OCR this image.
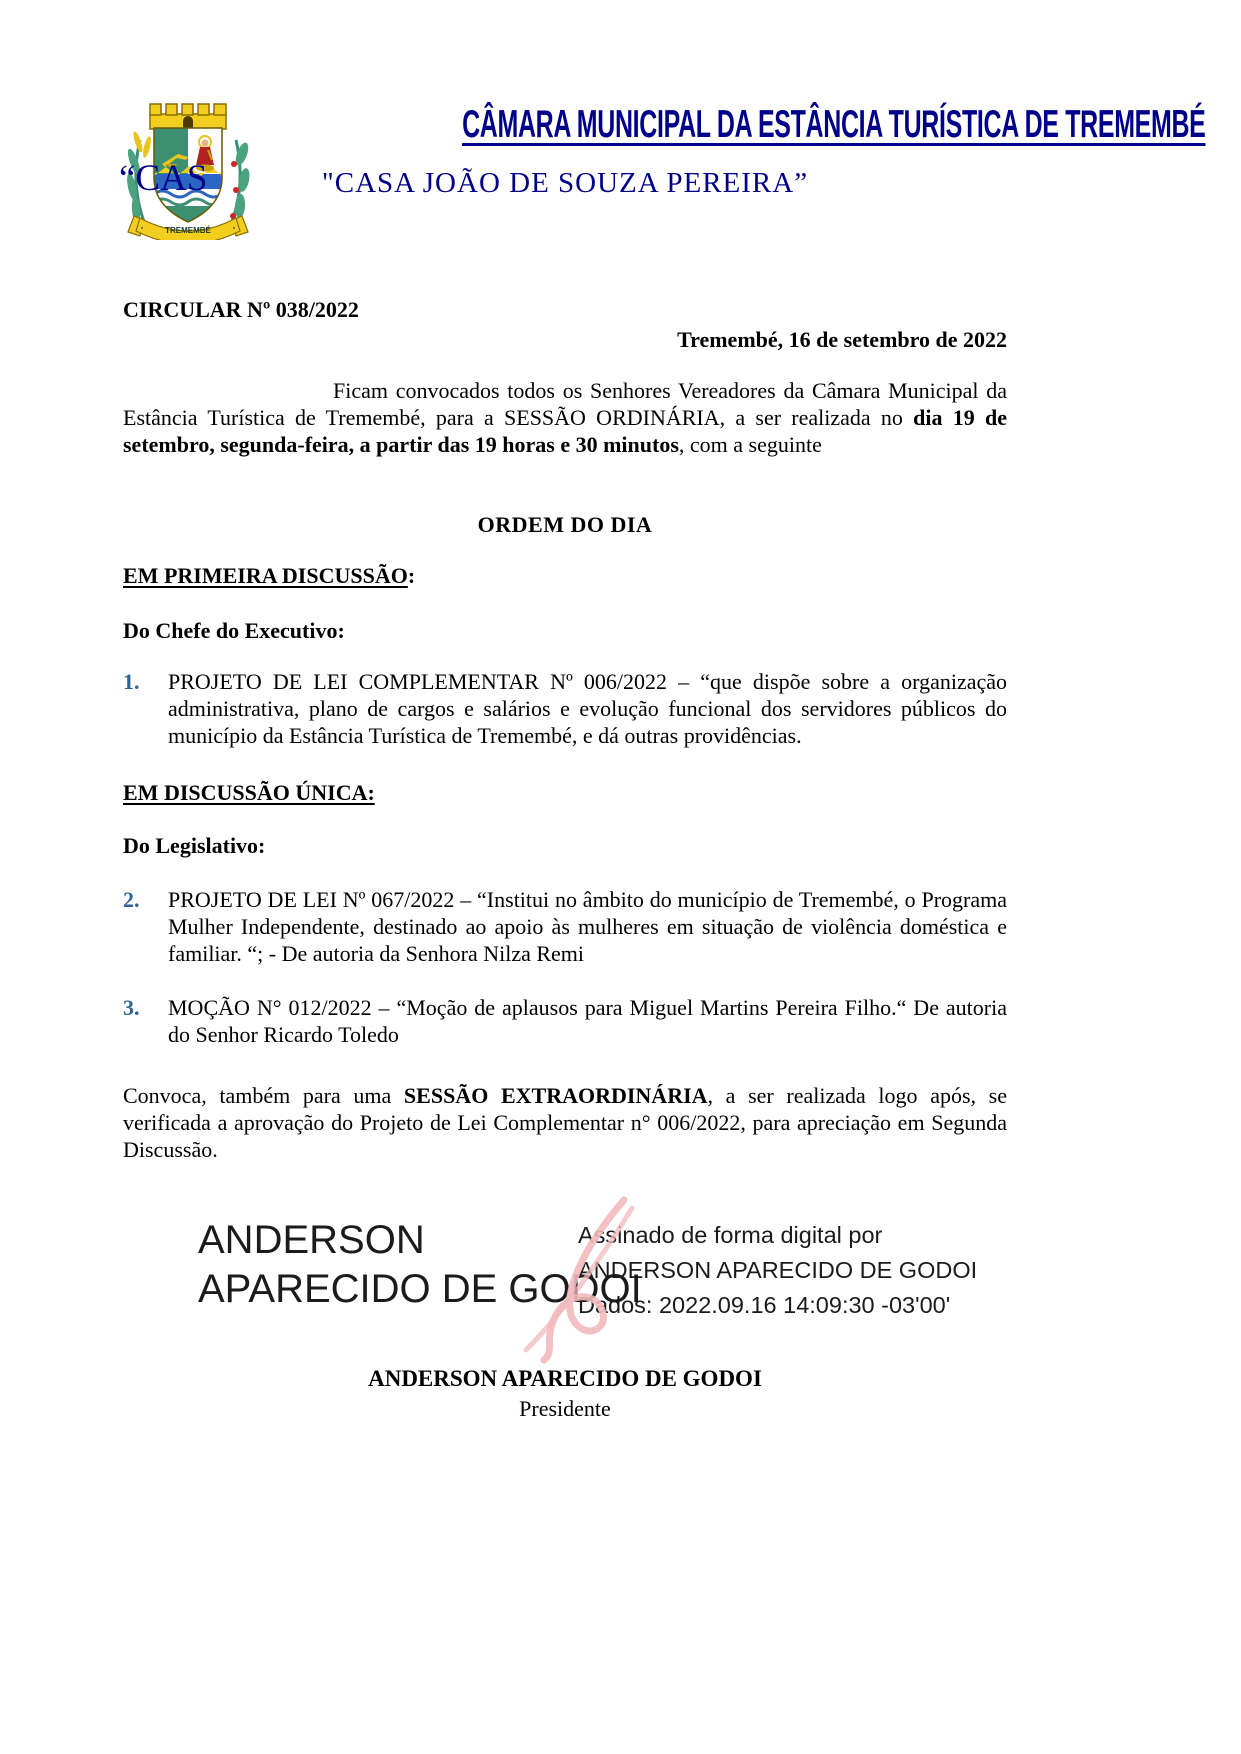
TREMEMBÉ
CÂMARA MUNICIPAL DA ESTÂNCIA TURÍSTICA DE TREMEMBÉ
“CAS	"CASA JOÃO DE SOUZA PEREIRA”
CIRCULAR Nº 038/2022
Tremembé, 16 de setembro de 2022
Ficam convocados todos os Senhores Vereadores da Câmara Municipal da Estância Turística de Tremembé, para a SESSÃO ORDINÁRIA, a ser realizada no dia 19 de setembro, segunda-feira, a partir das 19 horas e 30 minutos, com a seguinte
ORDEM DO DIA
EM PRIMEIRA DISCUSSÃO:
Do Chefe do Executivo:
1.	PROJETO DE LEI COMPLEMENTAR Nº 006/2022 – “que dispõe sobre a organização administrativa, plano de cargos e salários e evolução funcional dos servidores públicos do município da Estância Turística de Tremembé, e dá outras providências.
EM DISCUSSÃO ÚNICA:
Do Legislativo:
2.	PROJETO DE LEI Nº 067/2022 – “Institui no âmbito do município de Tremembé, o Programa Mulher Independente, destinado ao apoio às mulheres em situação de violência doméstica e familiar. “; - De autoria da Senhora Nilza Remi
3.	MOÇÃO N° 012/2022 – “Moção de aplausos para Miguel Martins Pereira Filho.“ De autoria do Senhor Ricardo Toledo
Convoca, também para uma SESSÃO EXTRAORDINÁRIA, a ser realizada logo após, se verificada a aprovação do Projeto de Lei Complementar n° 006/2022, para apreciação em Segunda Discussão.
ANDERSON
APARECIDO DE GODOI
Assinado de forma digital por
ANDERSON APARECIDO DE GODOI
Dados: 2022.09.16 14:09:30 -03'00'
ANDERSON APARECIDO DE GODOI
Presidente
